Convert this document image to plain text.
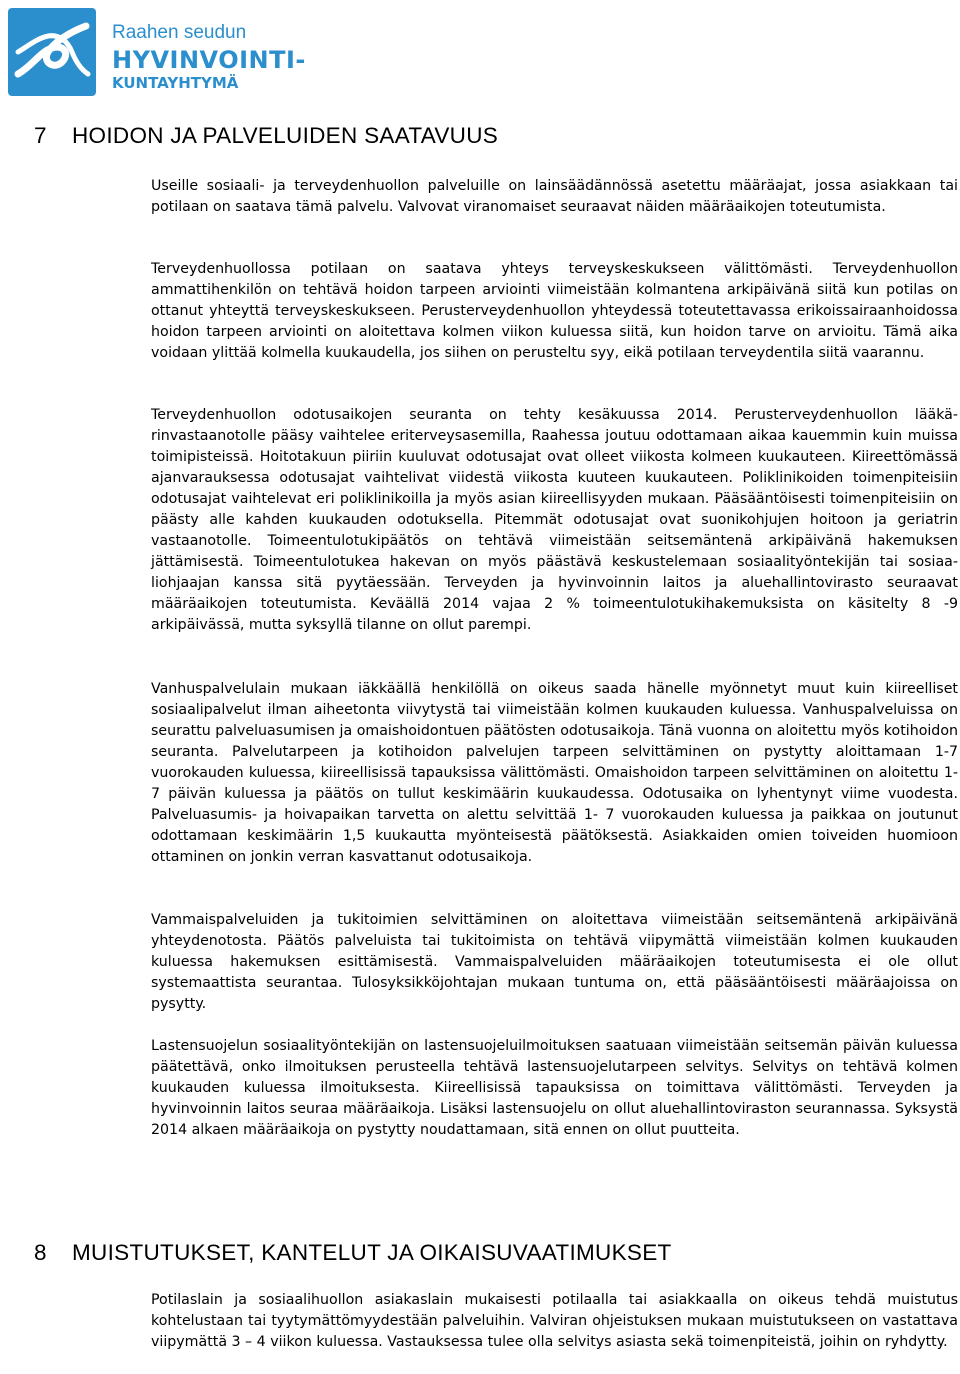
Raahen seudun
HYVINVOINTI-
KUNTAYHTYMÄ
7 HOIDON JA PALVELUIDEN SAATAVUUS

Useille sosiaali- ja terveydenhuollon palveluille on lainsäädännössä asetettu määräajat, jossa asiakkaan tai potilaan on saatava tämä palvelu. Valvovat viranomaiset seuraavat näiden määräaikojen toteutumista.

Terveydenhuollossa potilaan on saatava yhteys terveyskeskukseen välittömästi. Terveydenhuollon ammattihenkilön on tehtävä hoidon tarpeen arviointi viimeistään kolmantena arkipäivänä siitä kun potilas on ottanut yhteyttä terveyskeskukseen. Perusterveydenhuollon yhteydessä toteutettavassa erikoissairaanhoidossa hoidon tarpeen arviointi on aloitettava kolmen viikon kuluessa siitä, kun hoidon tarve on arvioitu. Tämä aika voidaan ylittää kolmella kuukaudella, jos siihen on perusteltu syy, eikä potilaan terveydentila siitä vaarannu.

Terveydenhuollon odotusaikojen seuranta on tehty kesäkuussa 2014. Perusterveydenhuollon lääkärinvastaanotolle pääsy vaihtelee eriterveysasemilla, Raahessa joutuu odottamaan aikaa kauemmin kuin muissa toimipisteissä. Hoitotakuun piiriin kuuluvat odotusajat ovat olleet viikosta kolmeen kuukauteen. Kiireettömässä ajanvarauksessa odotusajat vaihtelivat viidestä viikosta kuuteen kuukauteen. Poliklinikoiden toimenpiteisiin odotusajat vaihtelevat eri poliklinikoilla ja myös asian kiireellisyyden mukaan. Pääsääntöisesti toimenpiteisiin on päästy alle kahden kuukauden odotuksella. Pitemmät odotusajat ovat suonikohjujen hoitoon ja geriatrin vastaanotolle. Toimeentulotukipäätös on tehtävä viimeistään seitsemäntenä arkipäivänä hakemuksen jättämisestä. Toimeentulotukea hakevan on myös päästävä keskustelemaan sosiaalityöntekijän tai sosiaaliohjaajan kanssa sitä pyytäessään. Terveyden ja hyvinvoinnin laitos ja aluehallintovirasto seuraavat määräaikojen toteutumista. Keväällä 2014 vajaa 2 % toimeentulotukihakemuksista on käsitelty 8 -9 arkipäivässä, mutta syksyllä tilanne on ollut parempi.

Vanhuspalvelulain mukaan iäkkäällä henkilöllä on oikeus saada hänelle myönnetyt muut kuin kiireelliset sosiaalipalvelut ilman aiheetonta viivytystä tai viimeistään kolmen kuukauden kuluessa. Vanhuspalveluissa on seurattu palveluasumisen ja omaishoidontuen päätösten odotusaikoja. Tänä vuonna on aloitettu myös kotihoidon seuranta. Palvelutarpeen ja kotihoidon palvelujen tarpeen selvittäminen on pystytty aloittamaan 1-7 vuorokauden kuluessa, kiireellisissä tapauksissa välittömästi. Omaishoidon tarpeen selvittäminen on aloitettu 1-7 päivän kuluessa ja päätös on tullut keskimäärin kuukaudessa. Odotusaika on lyhentynyt viime vuodesta. Palveluasumis- ja hoivapaikan tarvetta on alettu selvittää 1- 7 vuorokauden kuluessa ja paikkaa on joutunut odottamaan keskimäärin 1,5 kuukautta myönteisestä päätöksestä. Asiakkaiden omien toiveiden huomioon ottaminen on jonkin verran kasvattanut odotusaikoja.

Vammaispalveluiden ja tukitoimien selvittäminen on aloitettava viimeistään seitsemäntenä arkipäivänä yhteydenotosta. Päätös palveluista tai tukitoimista on tehtävä viipymättä viimeistään kolmen kuukauden kuluessa hakemuksen esittämisestä. Vammaispalveluiden määräaikojen toteutumisesta ei ole ollut systemaattista seurantaa. Tulosyksikköjohtajan mukaan tuntuma on, että pääsääntöisesti määräajoissa on pysytty.

Lastensuojelun sosiaalityöntekijän on lastensuojeluilmoituksen saatuaan viimeistään seitsemän päivän kuluessa päätettävä, onko ilmoituksen perusteella tehtävä lastensuojelutarpeen selvitys. Selvitys on tehtävä kolmen kuukauden kuluessa ilmoituksesta. Kiireellisissä tapauksissa on toimittava välittömästi. Terveyden ja hyvinvoinnin laitos seuraa määräaikoja. Lisäksi lastensuojelu on ollut aluehallintoviraston seurannassa. Syksystä 2014 alkaen määräaikoja on pystytty noudattamaan, sitä ennen on ollut puutteita.

8 MUISTUTUKSET, KANTELUT JA OIKAISUVAATIMUKSET

Potilaslain ja sosiaalihuollon asiakaslain mukaisesti potilaalla tai asiakkaalla on oikeus tehdä muistutus kohtelustaan tai tyytymättömyydestään palveluihin. Valviran ohjeistuksen mukaan muistutukseen on vastattava viipymättä 3 – 4 viikon kuluessa. Vastauksessa tulee olla selvitys asiasta sekä toimenpiteistä, joihin on ryhdytty.
